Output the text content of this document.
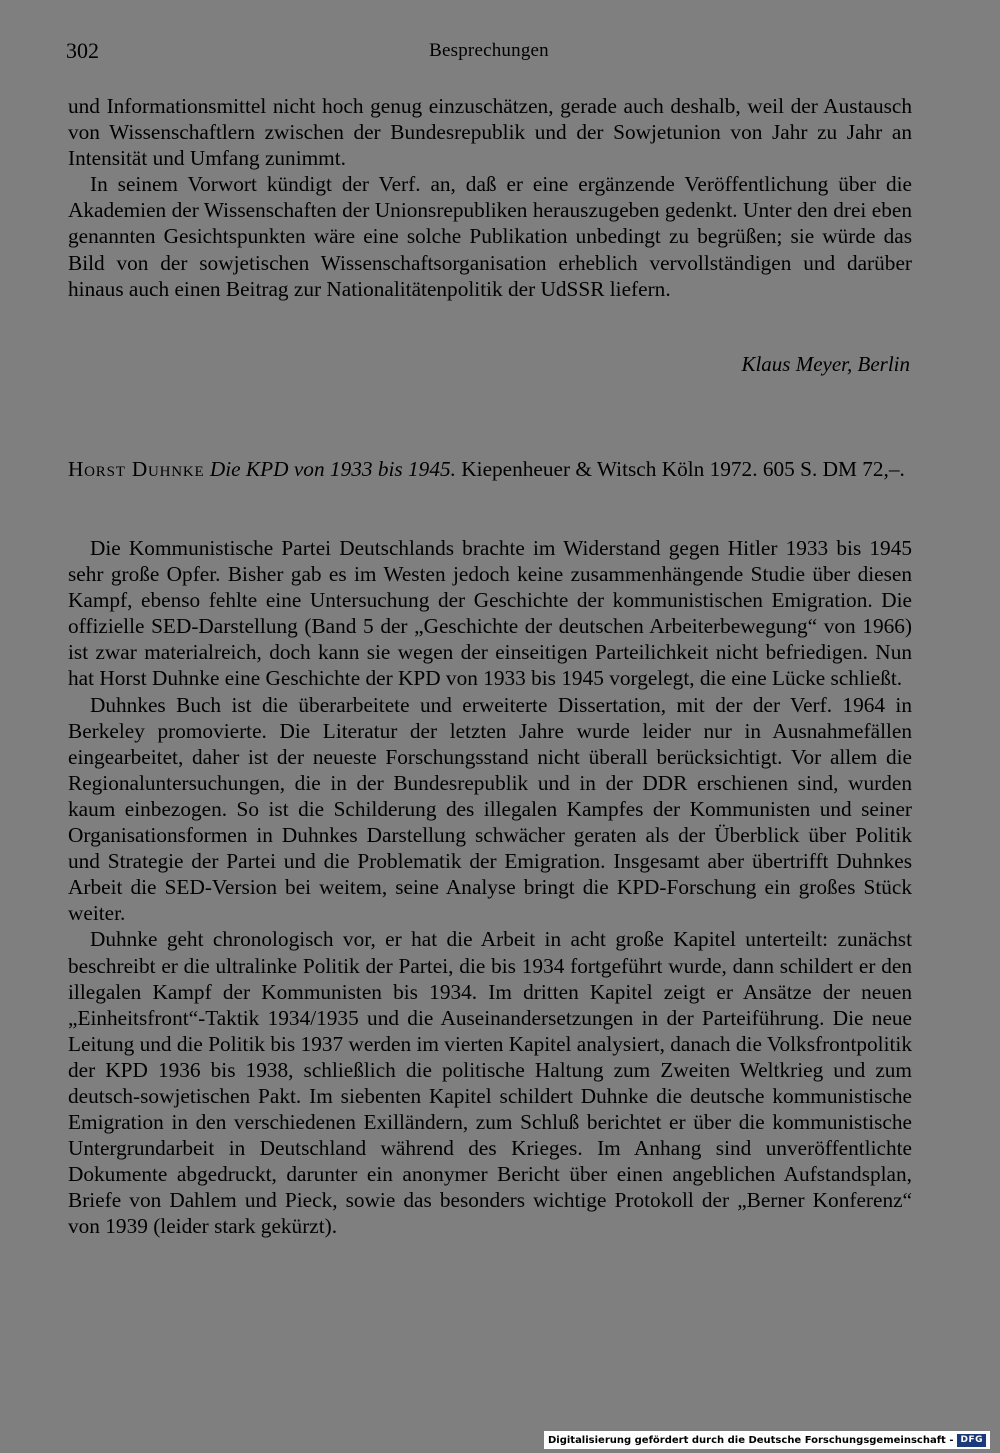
302	Besprechungen

und Informationsmittel nicht hoch genug einzuschätzen, gerade auch deshalb, weil der Austausch von Wissenschaftlern zwischen der Bundesrepublik und der Sowjetunion von Jahr zu Jahr an Intensität und Umfang zunimmt.

In seinem Vorwort kündigt der Verf. an, daß er eine ergänzende Veröffentlichung über die Akademien der Wissenschaften der Unionsrepubliken herauszugeben gedenkt. Unter den drei eben genannten Gesichtspunkten wäre eine solche Publikation unbedingt zu begrüßen; sie würde das Bild von der sowjetischen Wissenschaftsorganisation erheblich vervollständigen und darüber hinaus auch einen Beitrag zur Nationalitätenpolitik der UdSSR liefern.

Klaus Meyer, Berlin
Horst Duhnke Die KPD von 1933 bis 1945. Kiepenheuer & Witsch Köln 1972. 605 S. DM 72,–.

Die Kommunistische Partei Deutschlands brachte im Widerstand gegen Hitler 1933 bis 1945 sehr große Opfer. Bisher gab es im Westen jedoch keine zusammenhängende Studie über diesen Kampf, ebenso fehlte eine Untersuchung der Geschichte der kommunistischen Emigration. Die offizielle SED-Darstellung (Band 5 der „Geschichte der deutschen Arbeiterbewegung“ von 1966) ist zwar materialreich, doch kann sie wegen der einseitigen Parteilichkeit nicht befriedigen. Nun hat Horst Duhnke eine Geschichte der KPD von 1933 bis 1945 vorgelegt, die eine Lücke schließt.

Duhnkes Buch ist die überarbeitete und erweiterte Dissertation, mit der der Verf. 1964 in Berkeley promovierte. Die Literatur der letzten Jahre wurde leider nur in Ausnahmefällen eingearbeitet, daher ist der neueste Forschungsstand nicht überall berücksichtigt. Vor allem die Regionaluntersuchungen, die in der Bundesrepublik und in der DDR erschienen sind, wurden kaum einbezogen. So ist die Schilderung des illegalen Kampfes der Kommunisten und seiner Organisationsformen in Duhnkes Darstellung schwächer geraten als der Überblick über Politik und Strategie der Partei und die Problematik der Emigration. Insgesamt aber übertrifft Duhnkes Arbeit die SED-Version bei weitem, seine Analyse bringt die KPD-Forschung ein großes Stück weiter.

Duhnke geht chronologisch vor, er hat die Arbeit in acht große Kapitel unterteilt: zunächst beschreibt er die ultralinke Politik der Partei, die bis 1934 fortgeführt wurde, dann schildert er den illegalen Kampf der Kommunisten bis 1934. Im dritten Kapitel zeigt er Ansätze der neuen „Einheitsfront“-Taktik 1934/1935 und die Auseinandersetzungen in der Parteiführung. Die neue Leitung und die Politik bis 1937 werden im vierten Kapitel analysiert, danach die Volksfrontpolitik der KPD 1936 bis 1938, schließlich die politische Haltung zum Zweiten Weltkrieg und zum deutsch-sowjetischen Pakt. Im siebenten Kapitel schildert Duhnke die deutsche kommunistische Emigration in den verschiedenen Exilländern, zum Schluß berichtet er über die kommunistische Untergrundarbeit in Deutschland während des Krieges. Im Anhang sind unveröffentlichte Dokumente abgedruckt, darunter ein anonymer Bericht über einen angeblichen Aufstandsplan, Briefe von Dahlem und Pieck, sowie das besonders wichtige Protokoll der „Berner Konferenz“ von 1939 (leider stark gekürzt).

Digitalisierung gefördert durch die Deutsche Forschungsgemeinschaft - DFG
